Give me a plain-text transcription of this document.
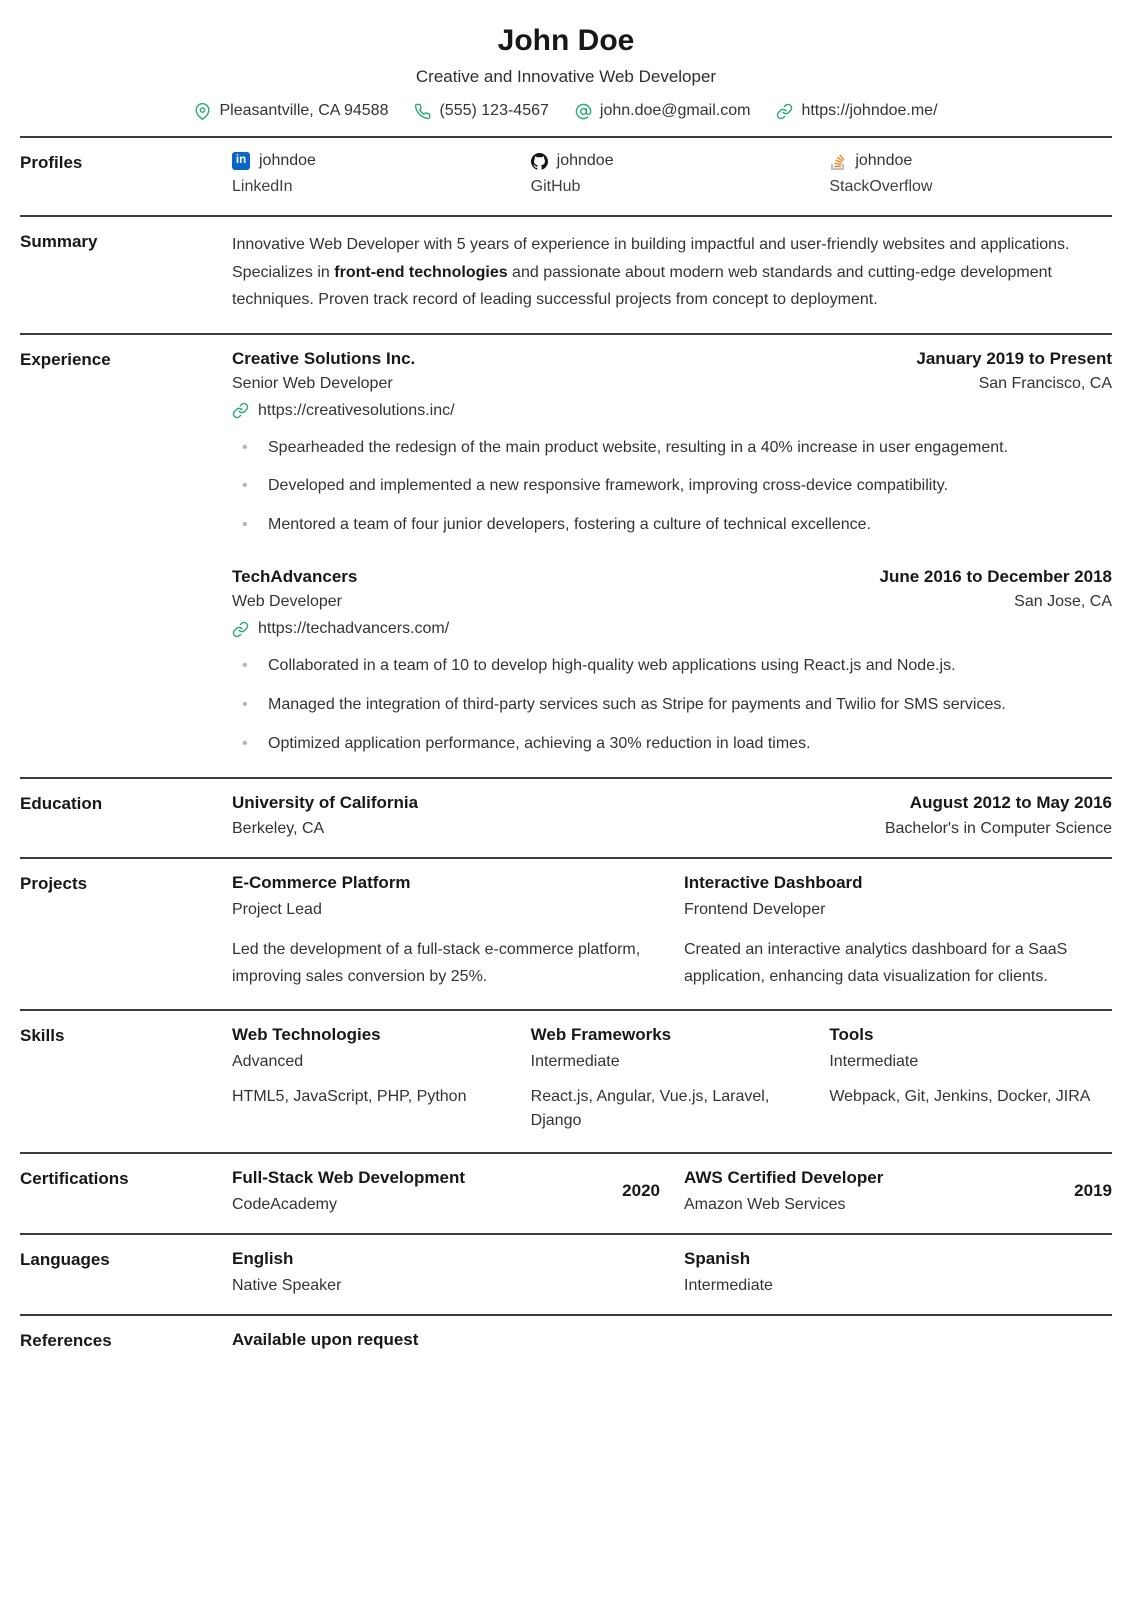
John Doe
Creative and Innovative Web Developer
Pleasantville, CA 94588	(555) 123-4567	john.doe@gmail.com	https://johndoe.me/
Profiles in	johndoe
LinkedIn
johndoe
GitHub
johndoe
StackOverflow
Summary	Innovative Web Developer with 5 years of experience in building impactful and user-friendly websites and applications. Specializes in front-end technologies and passionate about modern web standards and cutting-edge development techniques. Proven track record of leading successful projects from concept to deployment.

Experience	Creative Solutions Inc.	January 2019 to Present
Senior Web Developer	San Francisco, CA
https://creativesolutions.inc/
• Spearheaded the redesign of the main product website, resulting in a 40% increase in user engagement.
• Developed and implemented a new responsive framework, improving cross-device compatibility.
• Mentored a team of four junior developers, fostering a culture of technical excellence.
TechAdvancers	June 2016 to December 2018
Web Developer	San Jose, CA
https://techadvancers.com/
• Collaborated in a team of 10 to develop high-quality web applications using React.js and Node.js.
• Managed the integration of third-party services such as Stripe for payments and Twilio for SMS services.
• Optimized application performance, achieving a 30% reduction in load times.
Education	University of California	August 2012 to May 2016
Berkeley, CA	Bachelor's in Computer Science
Projects	E-Commerce Platform
Project Lead
Led the development of a full-stack e-commerce platform, improving sales conversion by 25%.
Interactive Dashboard
Frontend Developer
Created an interactive analytics dashboard for a SaaS application, enhancing data visualization for clients.
Skills	Web Technologies
Advanced
HTML5, JavaScript, PHP, Python
Web Frameworks
Intermediate
React.js, Angular, Vue.js, Laravel, Django
Tools
Intermediate
Webpack, Git, Jenkins, Docker, JIRA
Certifications	Full-Stack Web Development
CodeAcademy
2020
AWS Certified Developer
Amazon Web Services
2019
Languages	English
Native Speaker
Spanish
Intermediate
References	Available upon request
